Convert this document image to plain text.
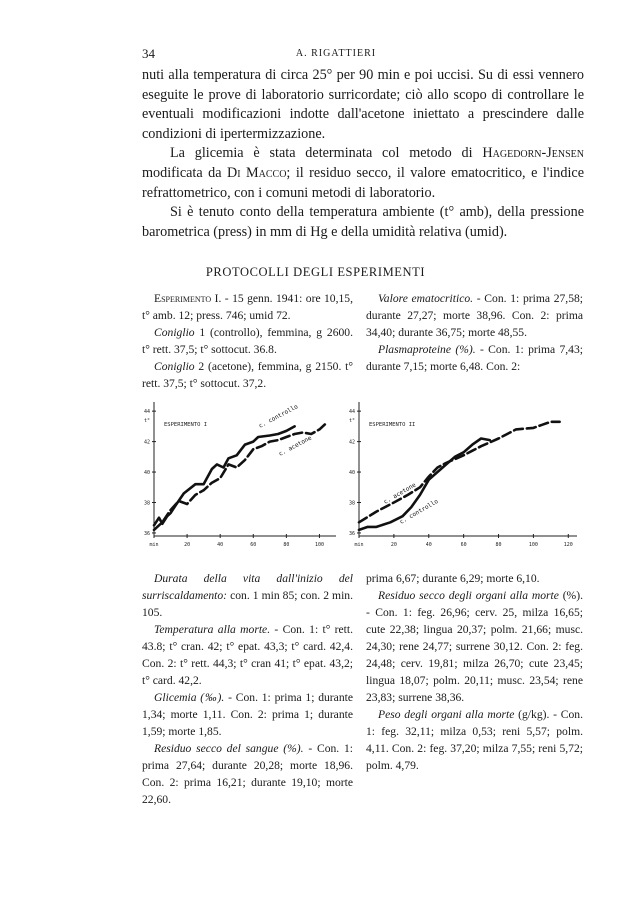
34	A. RIGATTIERI

nuti alla temperatura di circa 25° per 90 min e poi uccisi. Su di essi vennero eseguite le prove di laboratorio surricordate; ciò allo scopo di controllare le eventuali modificazioni indotte dall'acetone iniettato a prescindere dalle condizioni di ipertermizzazione.

La glicemia è stata determinata col metodo di Hagedorn-Jensen modificata da Di Macco; il residuo secco, il valore ematocritico, e l'indice refrattometrico, con i comuni metodi di laboratorio.

Si è tenuto conto della temperatura ambiente (t° amb), della pressione barometrica (press) in mm di Hg e della umidità relativa (umid).

PROTOCOLLI DEGLI ESPERIMENTI

Esperimento I. - 15 genn. 1941: ore 10,15, t° amb. 12; press. 746; umid 72.

Coniglio 1 (controllo), femmina, g 2600. t° rett. 37,5; t° sottocut. 36.8.

Coniglio 2 (acetone), femmina, g 2150. t° rett. 37,5; t° sottocut. 37,2.

Valore ematocritico. - Con. 1: prima 27,58; durante 27,27; morte 38,96. Con. 2: prima 34,40; durante 36,75; morte 48,55.

Plasmaproteine (%). - Con. 1: prima 7,43; durante 7,15; morte 6,48. Con. 2:

36
38
40
42
44
t°
min	20	40	60	80	100
ESPERIMENTO I	c. controllo
c. acetone
36
38
40
42
44
t°
min	20	40	60	80	100	120
ESPERIMENTO II
c. acetone
c. controllo

Durata della vita dall'inizio del surriscaldamento: con. 1 min 85; con. 2 min. 105.

Temperatura alla morte. - Con. 1: t° rett. 43.8; t° cran. 42; t° epat. 43,3; t° card. 42,4. Con. 2: t° rett. 44,3; t° cran 41; t° epat. 43,2; t° card. 42,2.

Glicemia (‰). - Con. 1: prima 1; durante 1,34; morte 1,11. Con. 2: prima 1; durante 1,59; morte 1,85.

Residuo secco del sangue (%). - Con. 1: prima 27,64; durante 20,28; morte 18,96. Con. 2: prima 16,21; durante 19,10; morte 22,60.

prima 6,67; durante 6,29; morte 6,10.

Residuo secco degli organi alla morte (%). - Con. 1: feg. 26,96; cerv. 25, milza 16,65; cute 22,38; lingua 20,37; polm. 21,66; musc. 24,30; rene 24,77; surrene 30,12. Con. 2: feg. 24,48; cerv. 19,81; milza 26,70; cute 23,45; lingua 18,07; polm. 20,11; musc. 23,54; rene 23,83; surrene 38,36.

Peso degli organi alla morte (g/kg). - Con. 1: feg. 32,11; milza 0,53; reni 5,57; polm. 4,11. Con. 2: feg. 37,20; milza 7,55; reni 5,72; polm. 4,79.
